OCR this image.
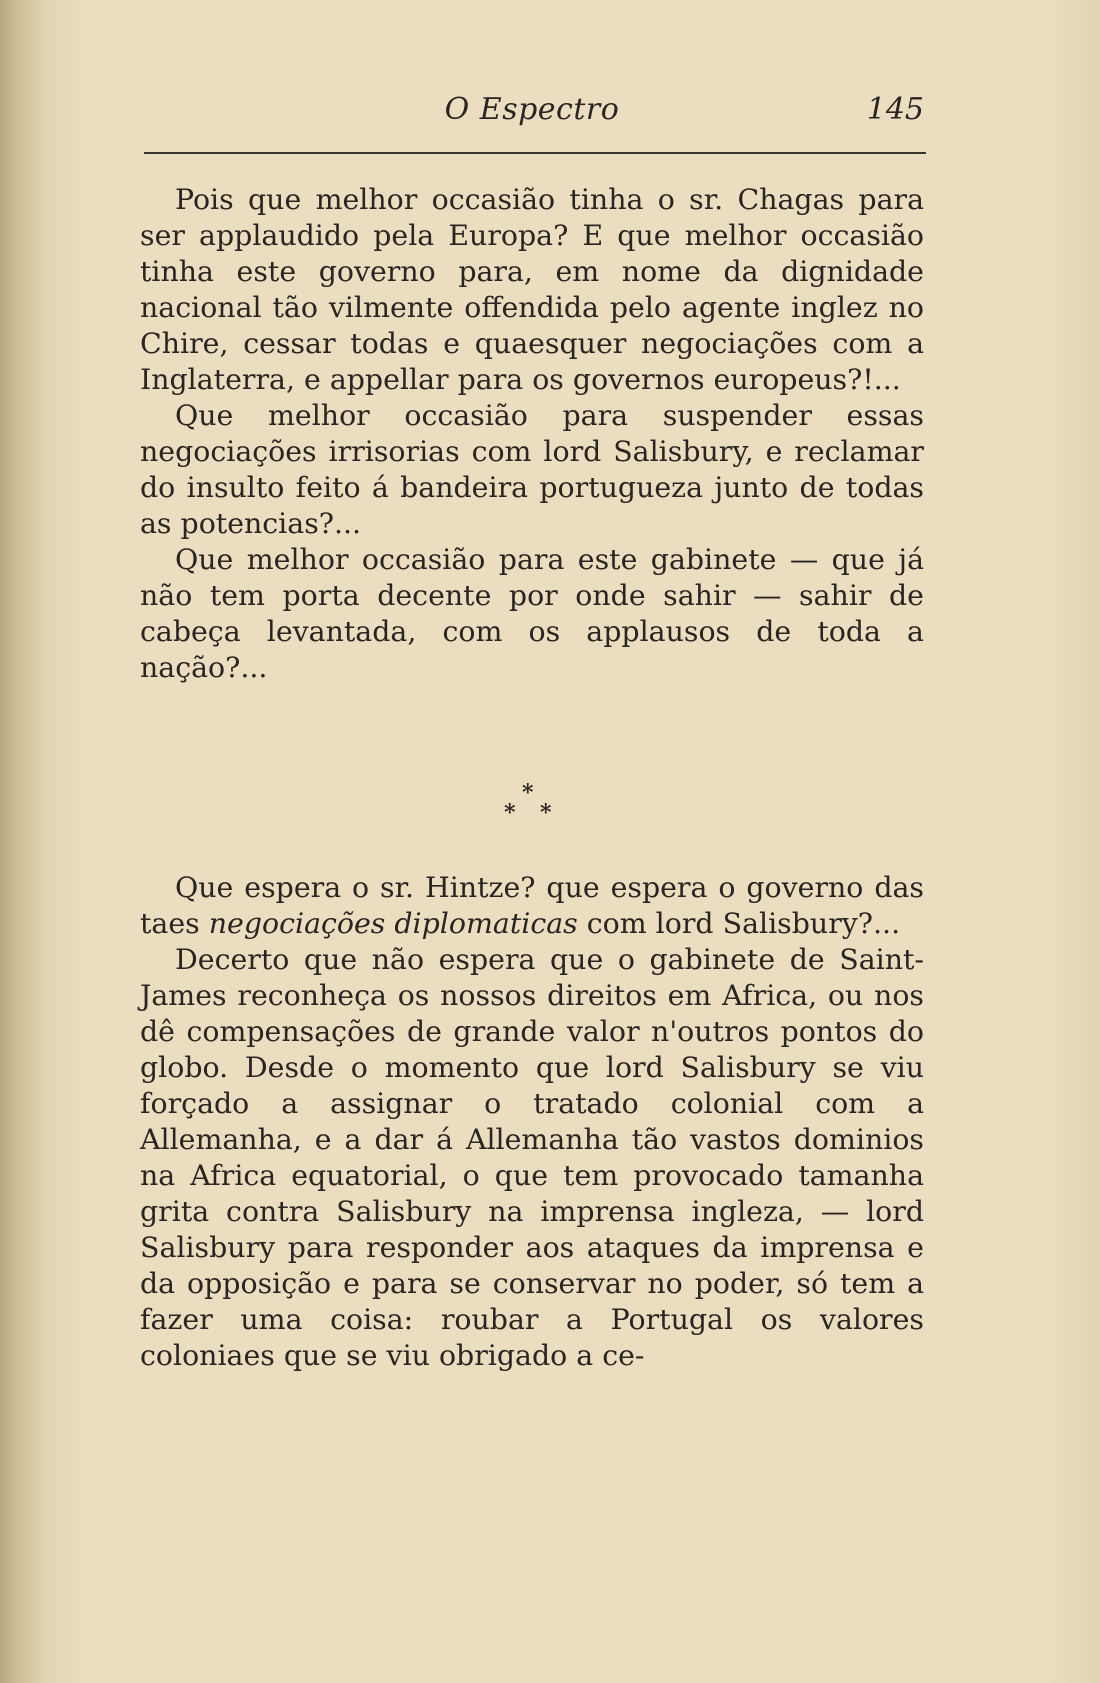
O Espectro	145

Pois que melhor occasião tinha o sr. Chagas para ser applaudido pela Europa? E que melhor occasião tinha este governo para, em nome da dignidade nacional tão vilmente offendida pelo agente inglez no Chire, cessar todas e quaesquer negociações com a Inglaterra, e appellar para os governos europeus?!...

Que melhor occasião para suspender essas negociações irrisorias com lord Salisbury, e reclamar do insulto feito á bandeira portugueza junto de todas as potencias?...

Que melhor occasião para este gabinete — que já não tem porta decente por onde sahir — sahir de cabeça levantada, com os applausos de toda a nação?...

*
* *

Que espera o sr. Hintze? que espera o governo das taes negociações diplomaticas com lord Salisbury?...

Decerto que não espera que o gabinete de Saint-James reconheça os nossos direitos em Africa, ou nos dê compensações de grande valor n'outros pontos do globo. Desde o momento que lord Salisbury se viu forçado a assignar o tratado colonial com a Allemanha, e a dar á Allemanha tão vastos dominios na Africa equatorial, o que tem provocado tamanha grita contra Salisbury na imprensa ingleza, — lord Salisbury para responder aos ataques da imprensa e da opposição e para se conservar no poder, só tem a fazer uma coisa: roubar a Portugal os valores coloniaes que se viu obrigado a ce-
